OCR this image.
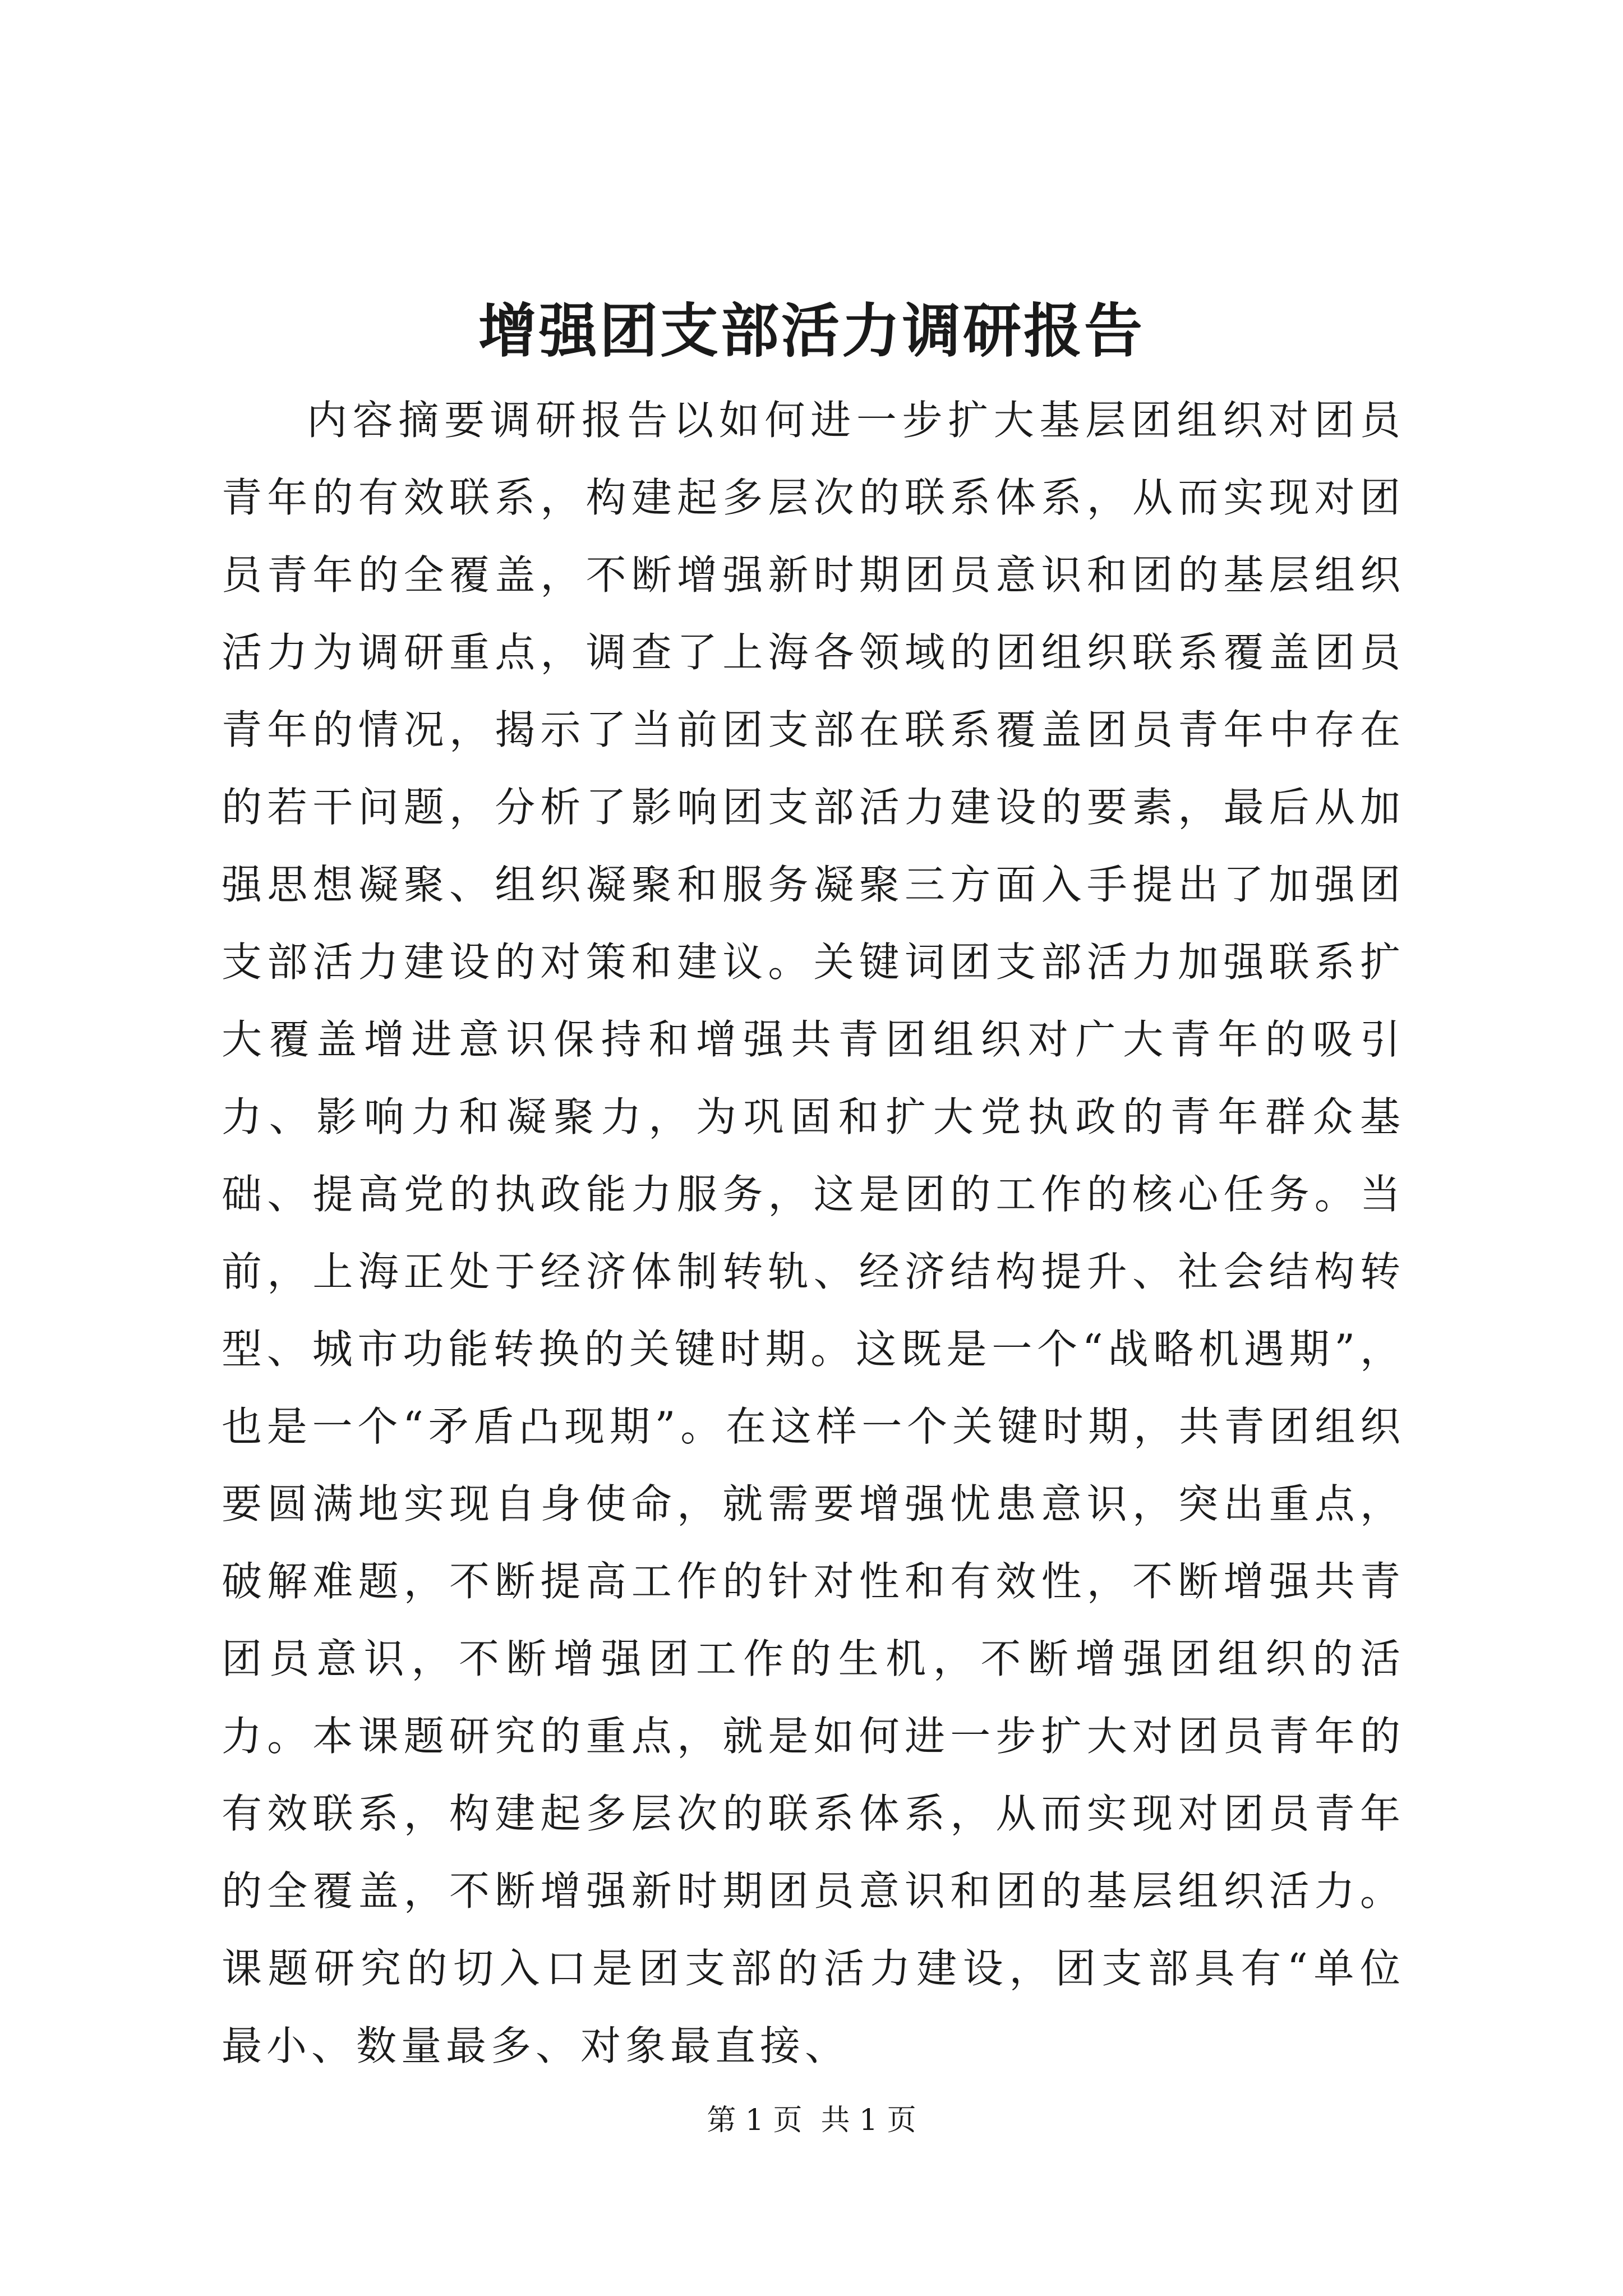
增强团支部活力调研报告

内容摘要调研报告以如何进一步扩大基层团组织对团员青年的有效联系，构建起多层次的联系体系，从而实现对团员青年的全覆盖，不断增强新时期团员意识和团的基层组织活力为调研重点，调查了上海各领域的团组织联系覆盖团员青年的情况，揭示了当前团支部在联系覆盖团员青年中存在的若干问题，分析了影响团支部活力建设的要素，最后从加强思想凝聚、组织凝聚和服务凝聚三方面入手提出了加强团支部活力建设的对策和建议。关键词团支部活力加强联系扩大覆盖增进意识保持和增强共青团组织对广大青年的吸引力、影响力和凝聚力，为巩固和扩大党执政的青年群众基础、提高党的执政能力服务，这是团的工作的核心任务。当前，上海正处于经济体制转轨、经济结构提升、社会结构转型、城市功能转换的关键时期。这既是一个“战略机遇期”，也是一个“矛盾凸现期”。在这样一个关键时期，共青团组织要圆满地实现自身使命，就需要增强忧患意识，突出重点，破解难题，不断提高工作的针对性和有效性，不断增强共青团员意识，不断增强团工作的生机，不断增强团组织的活力。本课题研究的重点，就是如何进一步扩大对团员青年的有效联系，构建起多层次的联系体系，从而实现对团员青年的全覆盖，不断增强新时期团员意识和团的基层组织活力。课题研究的切入口是团支部的活力建设，团支部具有“单位最小、数量最多、对象最直接、

第 1 页  共 1 页
